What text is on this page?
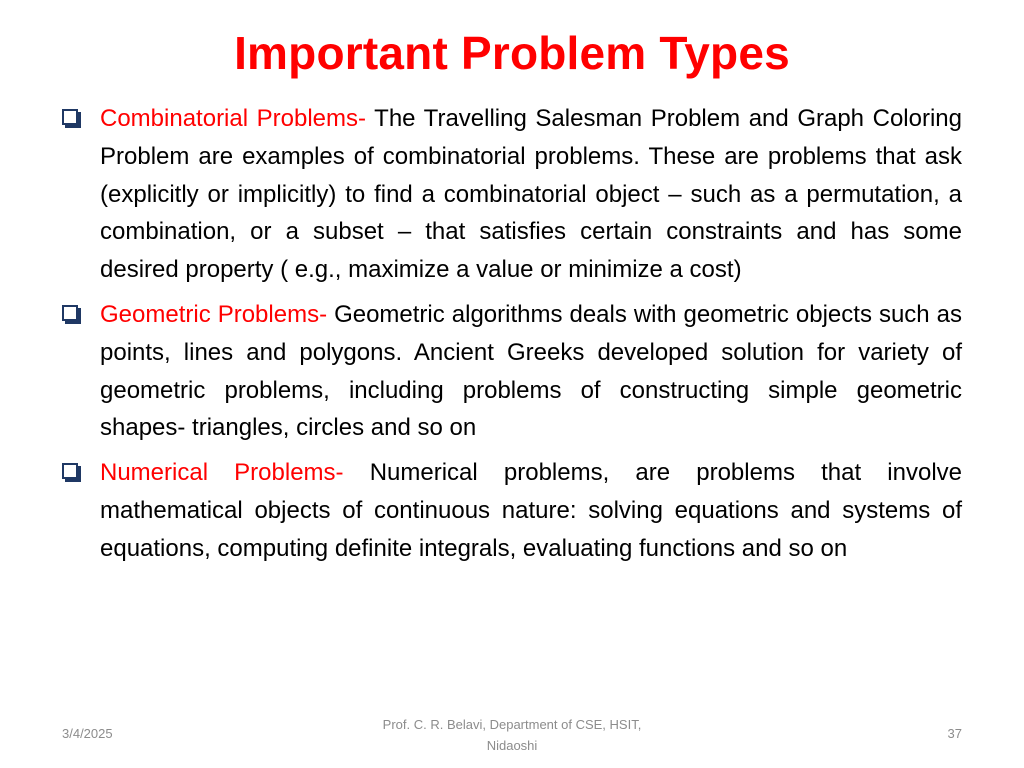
Important Problem Types
Combinatorial Problems- The Travelling Salesman Problem and Graph Coloring Problem are examples of combinatorial problems. These are problems that ask (explicitly or implicitly) to find a combinatorial object – such as a permutation, a combination, or a subset – that satisfies certain constraints and has some desired property ( e.g., maximize a value or minimize a cost)
Geometric Problems- Geometric algorithms deals with geometric objects such as points, lines and polygons. Ancient Greeks developed solution for variety of geometric problems, including problems of constructing simple geometric shapes- triangles, circles and so on
Numerical Problems- Numerical problems, are problems that involve mathematical objects of continuous nature: solving equations and systems of equations, computing definite integrals, evaluating functions and so on
3/4/2025
Prof. C. R. Belavi, Department of CSE, HSIT,
Nidaoshi
37
